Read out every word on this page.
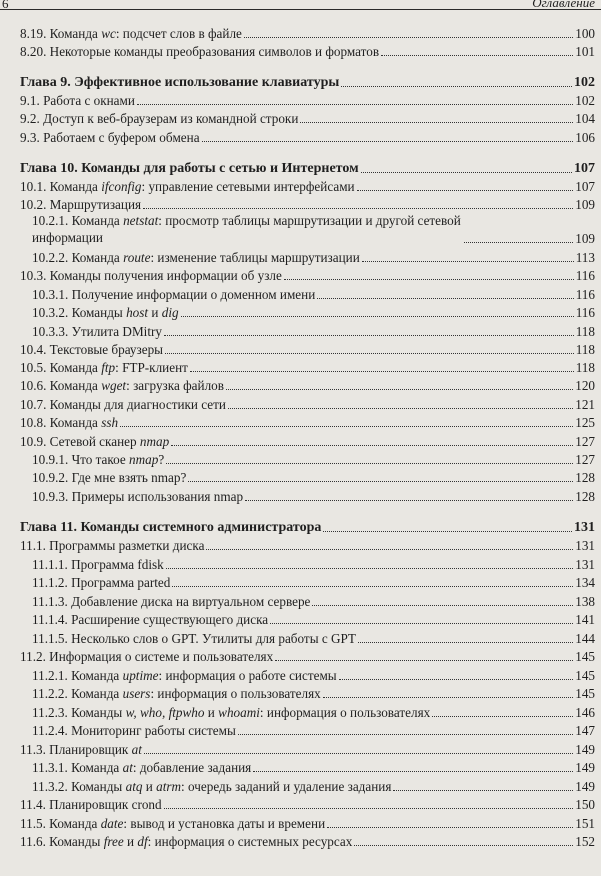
6	Оглавление
8.19. Команда wc: подсчет слов в файле	100
8.20. Некоторые команды преобразования символов и форматов	101
Глава 9. Эффективное использование клавиатуры	102
9.1. Работа с окнами	102
9.2. Доступ к веб-браузерам из командной строки	104
9.3. Работаем с буфером обмена	106
Глава 10. Команды для работы с сетью и Интернетом	107
10.1. Команда ifconfig: управление сетевыми интерфейсами	107
10.2. Маршрутизация	109
10.2.1. Команда netstat: просмотр таблицы маршрутизации и другой сетевой информации	109
10.2.2. Команда route: изменение таблицы маршрутизации	113
10.3. Команды получения информации об узле	116
10.3.1. Получение информации о доменном имени	116
10.3.2. Команды host и dig	116
10.3.3. Утилита DMitry	118
10.4. Текстовые браузеры	118
10.5. Команда ftp: FTP-клиент	118
10.6. Команда wget: загрузка файлов	120
10.7. Команды для диагностики сети	121
10.8. Команда ssh	125
10.9. Сетевой сканер nmap	127
10.9.1. Что такое nmap?	127
10.9.2. Где мне взять nmap?	128
10.9.3. Примеры использования nmap	128
Глава 11. Команды системного администратора	131
11.1. Программы разметки диска	131
11.1.1. Программа fdisk	131
11.1.2. Программа parted	134
11.1.3. Добавление диска на виртуальном сервере	138
11.1.4. Расширение существующего диска	141
11.1.5. Несколько слов о GPT. Утилиты для работы с GPT	144
11.2. Информация о системе и пользователях	145
11.2.1. Команда uptime: информация о работе системы	145
11.2.2. Команда users: информация о пользователях	145
11.2.3. Команды w, who, ftpwho и whoami: информация о пользователях	146
11.2.4. Мониторинг работы системы	147
11.3. Планировщик at	149
11.3.1. Команда at: добавление задания	149
11.3.2. Команды atq и atrm: очередь заданий и удаление задания	149
11.4. Планировщик crond	150
11.5. Команда date: вывод и установка даты и времени	151
11.6. Команды free и df: информация о системных ресурсах	152
